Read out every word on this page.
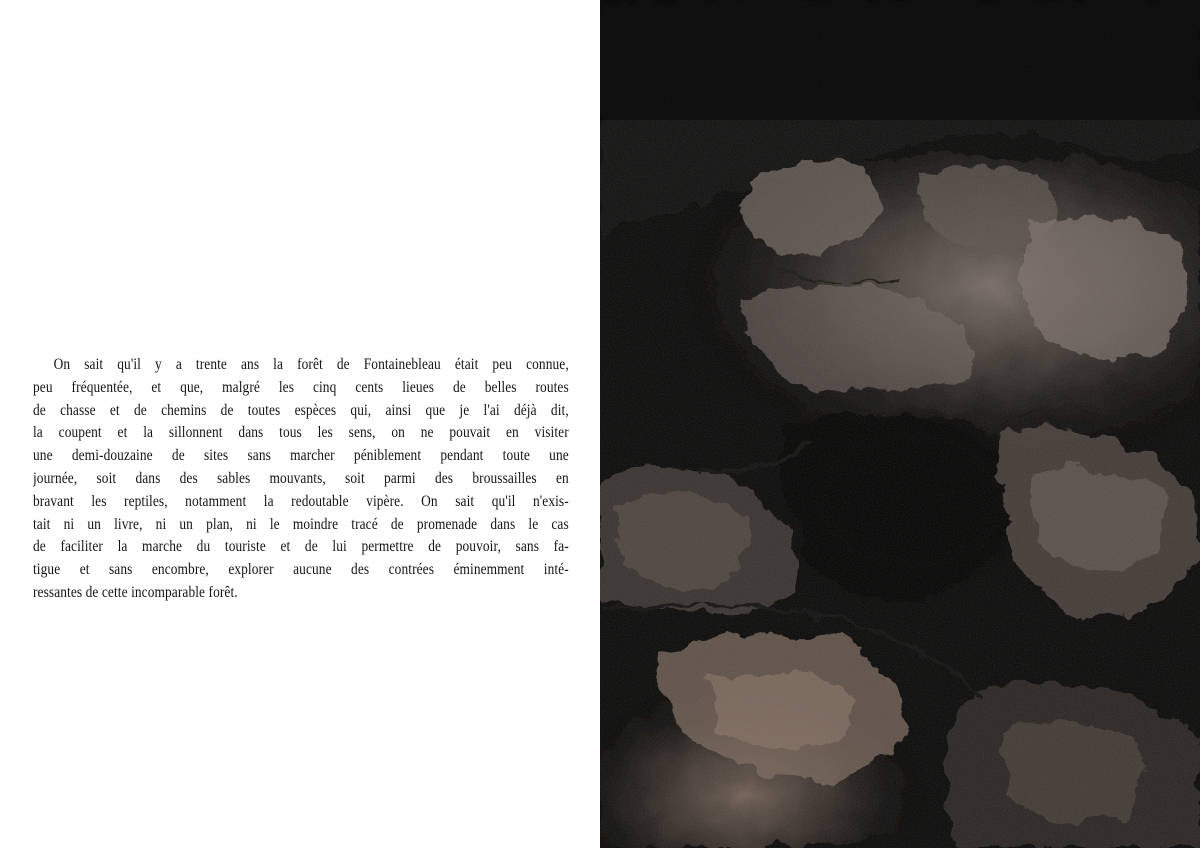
On sait qu'il y a trente ans la forêt de Fontainebleau était peu connue,
peu fréquentée, et que, malgré les cinq cents lieues de belles routes
de chasse et de chemins de toutes espèces qui, ainsi que je l'ai déjà dit,
la coupent et la sillonnent dans tous les sens, on ne pouvait en visiter
une demi-douzaine de sites sans marcher péniblement pendant toute une
journée, soit dans des sables mouvants, soit parmi des broussailles en
bravant les reptiles, notamment la redoutable vipère. On sait qu'il n'exis-
tait ni un livre, ni un plan, ni le moindre tracé de promenade dans le cas
de faciliter la marche du touriste et de lui permettre de pouvoir, sans fa-
tigue et sans encombre, explorer aucune des contrées éminemment inté-
ressantes de cette incomparable forêt.
